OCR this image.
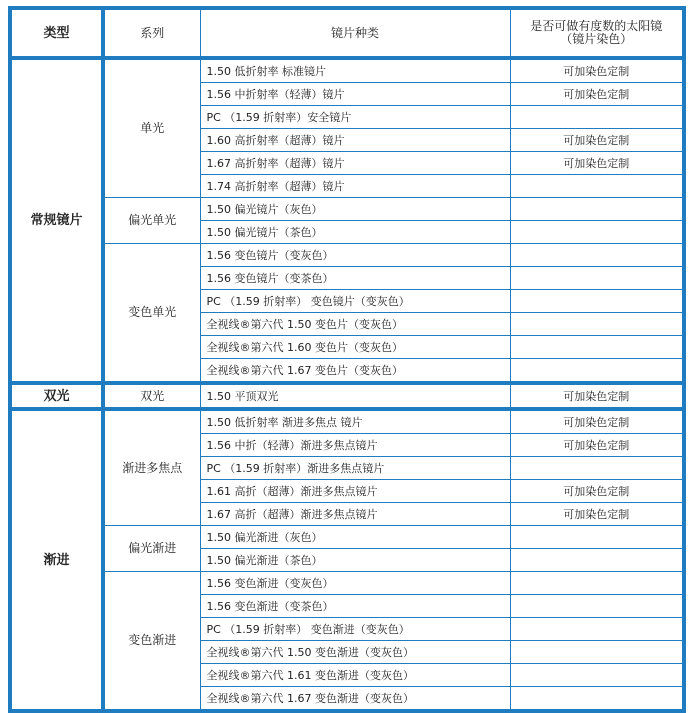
类型	系列	镜片种类	是否可做有度数的太阳镜
（镜片染色）

常规镜片	单光	1.50 低折射率 标准镜片	可加染色定制
		1.56 中折射率（轻薄）镜片	可加染色定制
		PC （1.59 折射率）安全镜片	
		1.60 高折射率（超薄）镜片	可加染色定制
		1.67 高折射率（超薄）镜片	可加染色定制
		1.74 高折射率（超薄）镜片	
	偏光单光	1.50 偏光镜片（灰色）	
		1.50 偏光镜片（茶色）	
	变色单光	1.56 变色镜片（变灰色）	
		1.56 变色镜片（变茶色）	
		PC （1.59 折射率） 变色镜片（变灰色）	
		全视线®第六代 1.50 变色片（变灰色）	
		全视线®第六代 1.60 变色片（变灰色）	
		全视线®第六代 1.67 变色片（变灰色）	
双光	双光	1.50 平顶双光	可加染色定制
渐进	渐进多焦点	1.50 低折射率 渐进多焦点 镜片	可加染色定制
		1.56 中折（轻薄）渐进多焦点镜片	可加染色定制
		PC （1.59 折射率）渐进多焦点镜片	
		1.61 高折（超薄）渐进多焦点镜片	可加染色定制
		1.67 高折（超薄）渐进多焦点镜片	可加染色定制
	偏光渐进	1.50 偏光渐进（灰色）	
		1.50 偏光渐进（茶色）	
	变色渐进	1.56 变色渐进（变灰色）	
		1.56 变色渐进（变茶色）	
		PC （1.59 折射率） 变色渐进（变灰色）	
		全视线®第六代 1.50 变色渐进（变灰色）	
		全视线®第六代 1.61 变色渐进（变灰色）	
		全视线®第六代 1.67 变色渐进（变灰色）	
